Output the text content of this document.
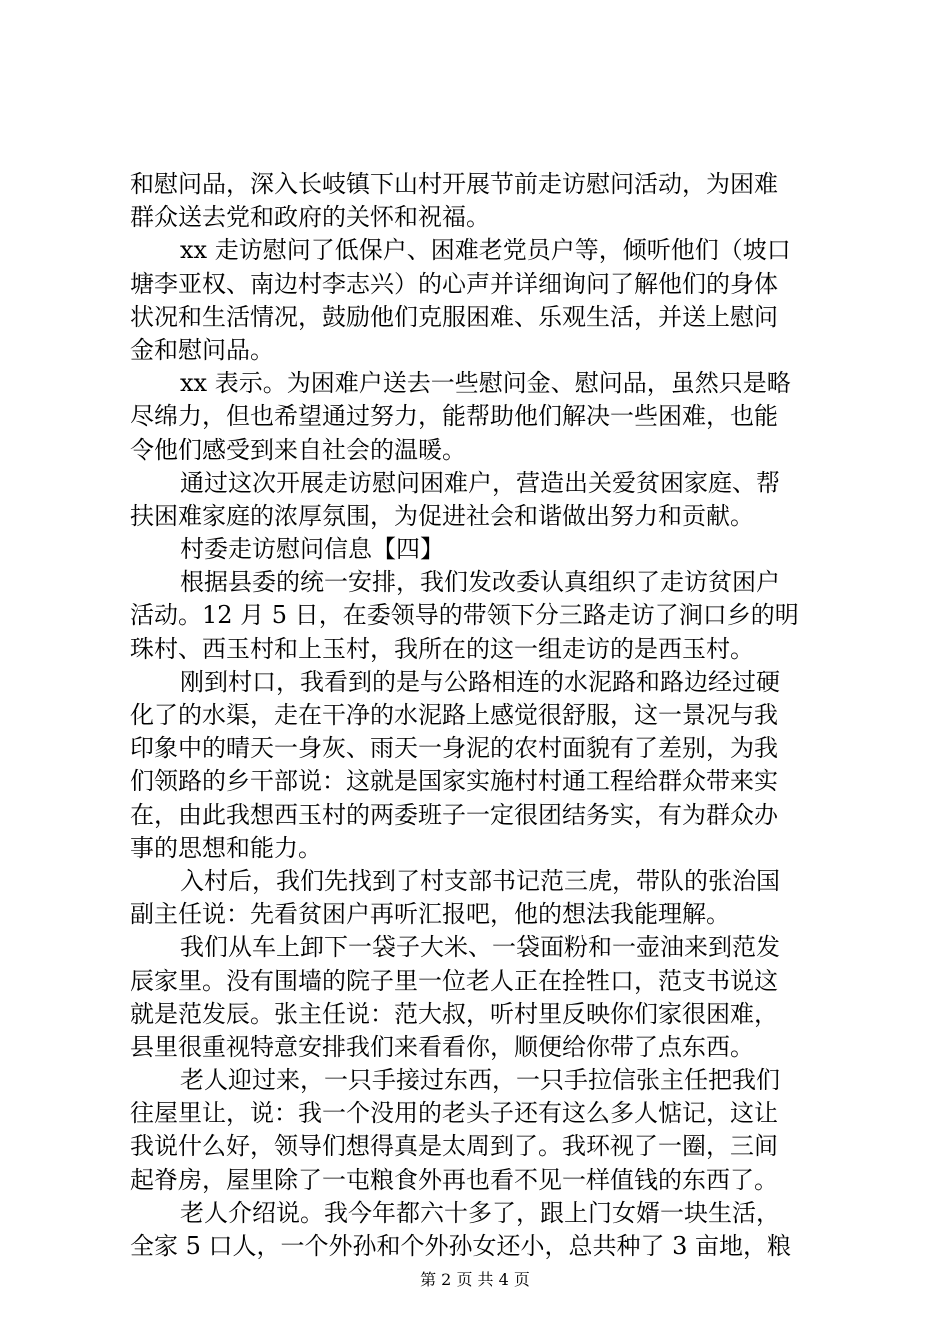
和慰问品，深入长岐镇下山村开展节前走访慰问活动，为困难
群众送去党和政府的关怀和祝福。
xx 走访慰问了低保户、困难老党员户等，倾听他们（坡口
塘李亚权、南边村李志兴）的心声并详细询问了解他们的身体
状况和生活情况，鼓励他们克服困难、乐观生活，并送上慰问
金和慰问品。
xx 表示。为困难户送去一些慰问金、慰问品，虽然只是略
尽绵力，但也希望通过努力，能帮助他们解决一些困难，也能
令他们感受到来自社会的温暖。
通过这次开展走访慰问困难户，营造出关爱贫困家庭、帮
扶困难家庭的浓厚氛围，为促进社会和谐做出努力和贡献。
村委走访慰问信息【四】
根据县委的统一安排，我们发改委认真组织了走访贫困户
活动。12 月 5 日，在委领导的带领下分三路走访了涧口乡的明
珠村、西玉村和上玉村，我所在的这一组走访的是西玉村。
刚到村口，我看到的是与公路相连的水泥路和路边经过硬
化了的水渠，走在干净的水泥路上感觉很舒服，这一景况与我
印象中的晴天一身灰、雨天一身泥的农村面貌有了差别，为我
们领路的乡干部说：这就是国家实施村村通工程给群众带来实
在，由此我想西玉村的两委班子一定很团结务实，有为群众办
事的思想和能力。
入村后，我们先找到了村支部书记范三虎，带队的张治国
副主任说：先看贫困户再听汇报吧，他的想法我能理解。
我们从车上卸下一袋子大米、一袋面粉和一壶油来到范发
辰家里。没有围墙的院子里一位老人正在拴牲口，范支书说这
就是范发辰。张主任说：范大叔，听村里反映你们家很困难，
县里很重视特意安排我们来看看你，顺便给你带了点东西。
老人迎过来，一只手接过东西，一只手拉信张主任把我们
往屋里让，说：我一个没用的老头子还有这么多人惦记，这让
我说什么好，领导们想得真是太周到了。我环视了一圈，三间
起脊房，屋里除了一屯粮食外再也看不见一样值钱的东西了。
老人介绍说。我今年都六十多了，跟上门女婿一块生活，
全家 5 口人，一个外孙和个外孙女还小，总共种了 3 亩地，粮
第 2 页 共 4 页
